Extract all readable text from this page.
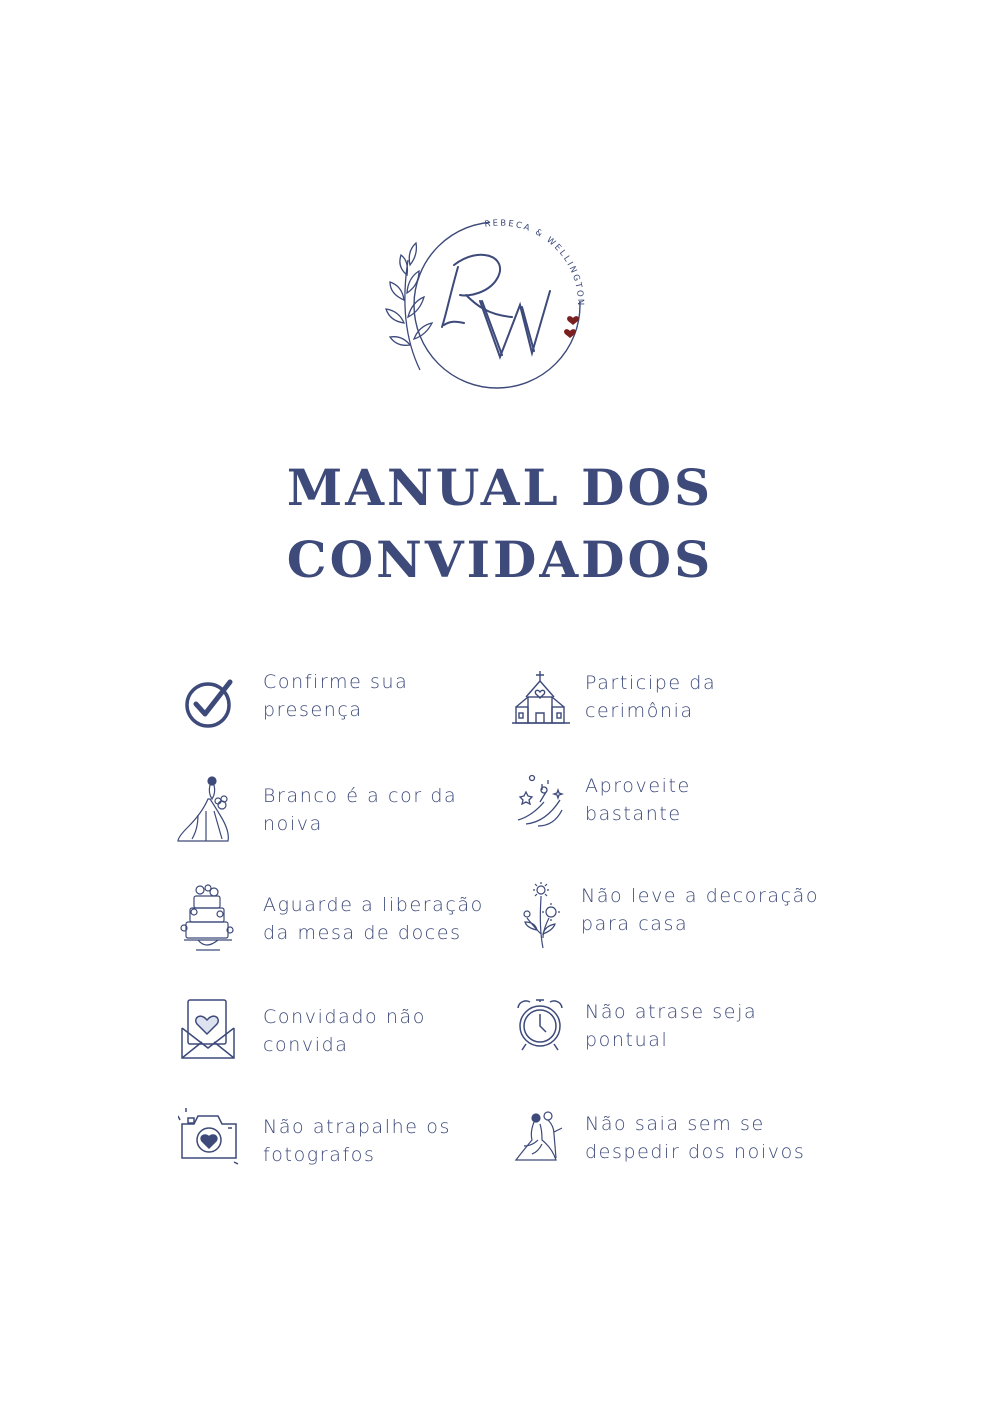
REBECA & WELLINGTON
MANUAL DOS
CONVIDADOS
Confirme sua
presença
Participe da
cerimônia
Branco é a cor da
noiva
Aproveite
bastante
Aguarde a liberação
da mesa de doces
Não leve a decoração
para casa
Convidado não
convida
Não atrase seja
pontual
Não atrapalhe os
fotografos
Não saia sem se
despedir dos noivos
